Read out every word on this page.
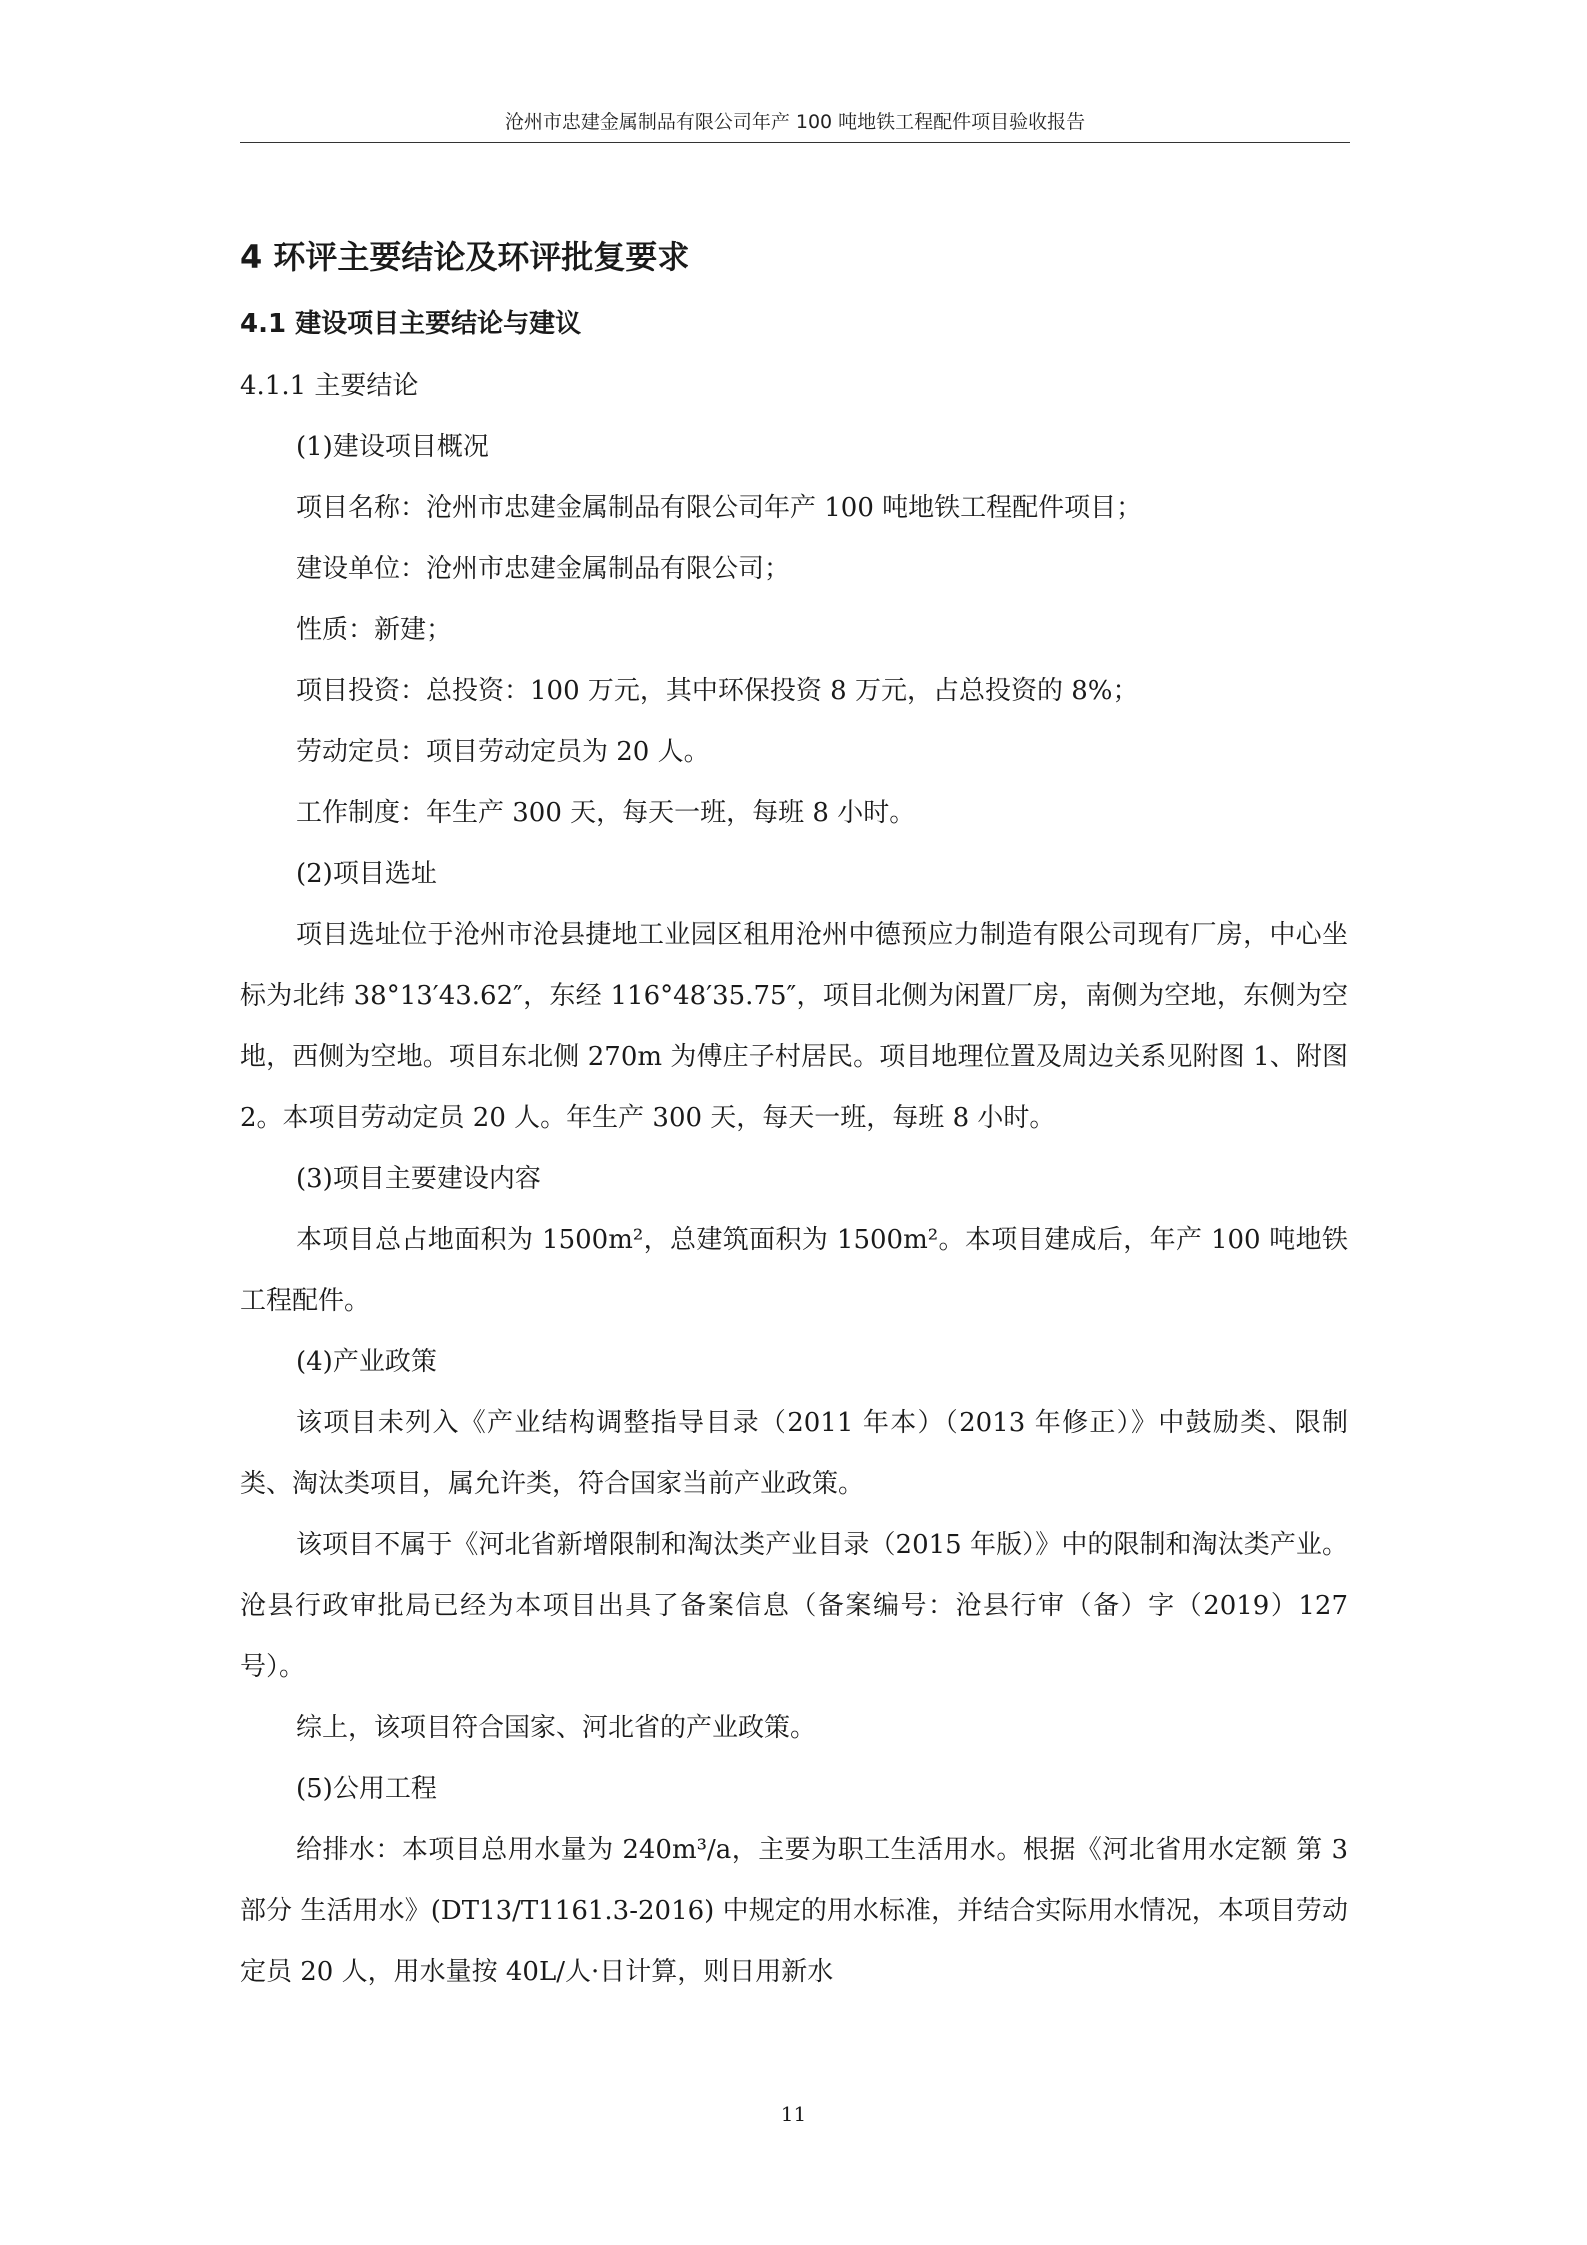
沧州市忠建金属制品有限公司年产 100 吨地铁工程配件项目验收报告
4 环评主要结论及环评批复要求
4.1 建设项目主要结论与建议
4.1.1 主要结论

(1)建设项目概况

项目名称：沧州市忠建金属制品有限公司年产 100 吨地铁工程配件项目；

建设单位：沧州市忠建金属制品有限公司；

性质：新建；

项目投资：总投资：100 万元，其中环保投资 8 万元，占总投资的 8%；

劳动定员：项目劳动定员为 20 人。

工作制度：年生产 300 天，每天一班，每班 8 小时。

(2)项目选址

项目选址位于沧州市沧县捷地工业园区租用沧州中德预应力制造有限公司现有厂房，中心坐标为北纬 38°13′43.62″，东经 116°48′35.75″，项目北侧为闲置厂房，南侧为空地，东侧为空地，西侧为空地。项目东北侧 270m 为傅庄子村居民。项目地理位置及周边关系见附图 1、附图 2。本项目劳动定员 20 人。年生产 300 天，每天一班，每班 8 小时。

(3)项目主要建设内容

本项目总占地面积为 1500m²，总建筑面积为 1500m²。本项目建成后，年产 100 吨地铁工程配件。

(4)产业政策

该项目未列入《产业结构调整指导目录（2011 年本）（2013 年修正）》中鼓励类、限制类、淘汰类项目，属允许类，符合国家当前产业政策。

该项目不属于《河北省新增限制和淘汰类产业目录（2015 年版）》中的限制和淘汰类产业。沧县行政审批局已经为本项目出具了备案信息（备案编号：沧县行审（备）字（2019）127 号）。

综上，该项目符合国家、河北省的产业政策。

(5)公用工程

给排水：本项目总用水量为 240m³/a，主要为职工生活用水。根据《河北省用水定额 第 3 部分 生活用水》(DT13/T1161.3-2016) 中规定的用水标准，并结合实际用水情况，本项目劳动定员 20 人，用水量按 40L/人·日计算，则日用新水

11
